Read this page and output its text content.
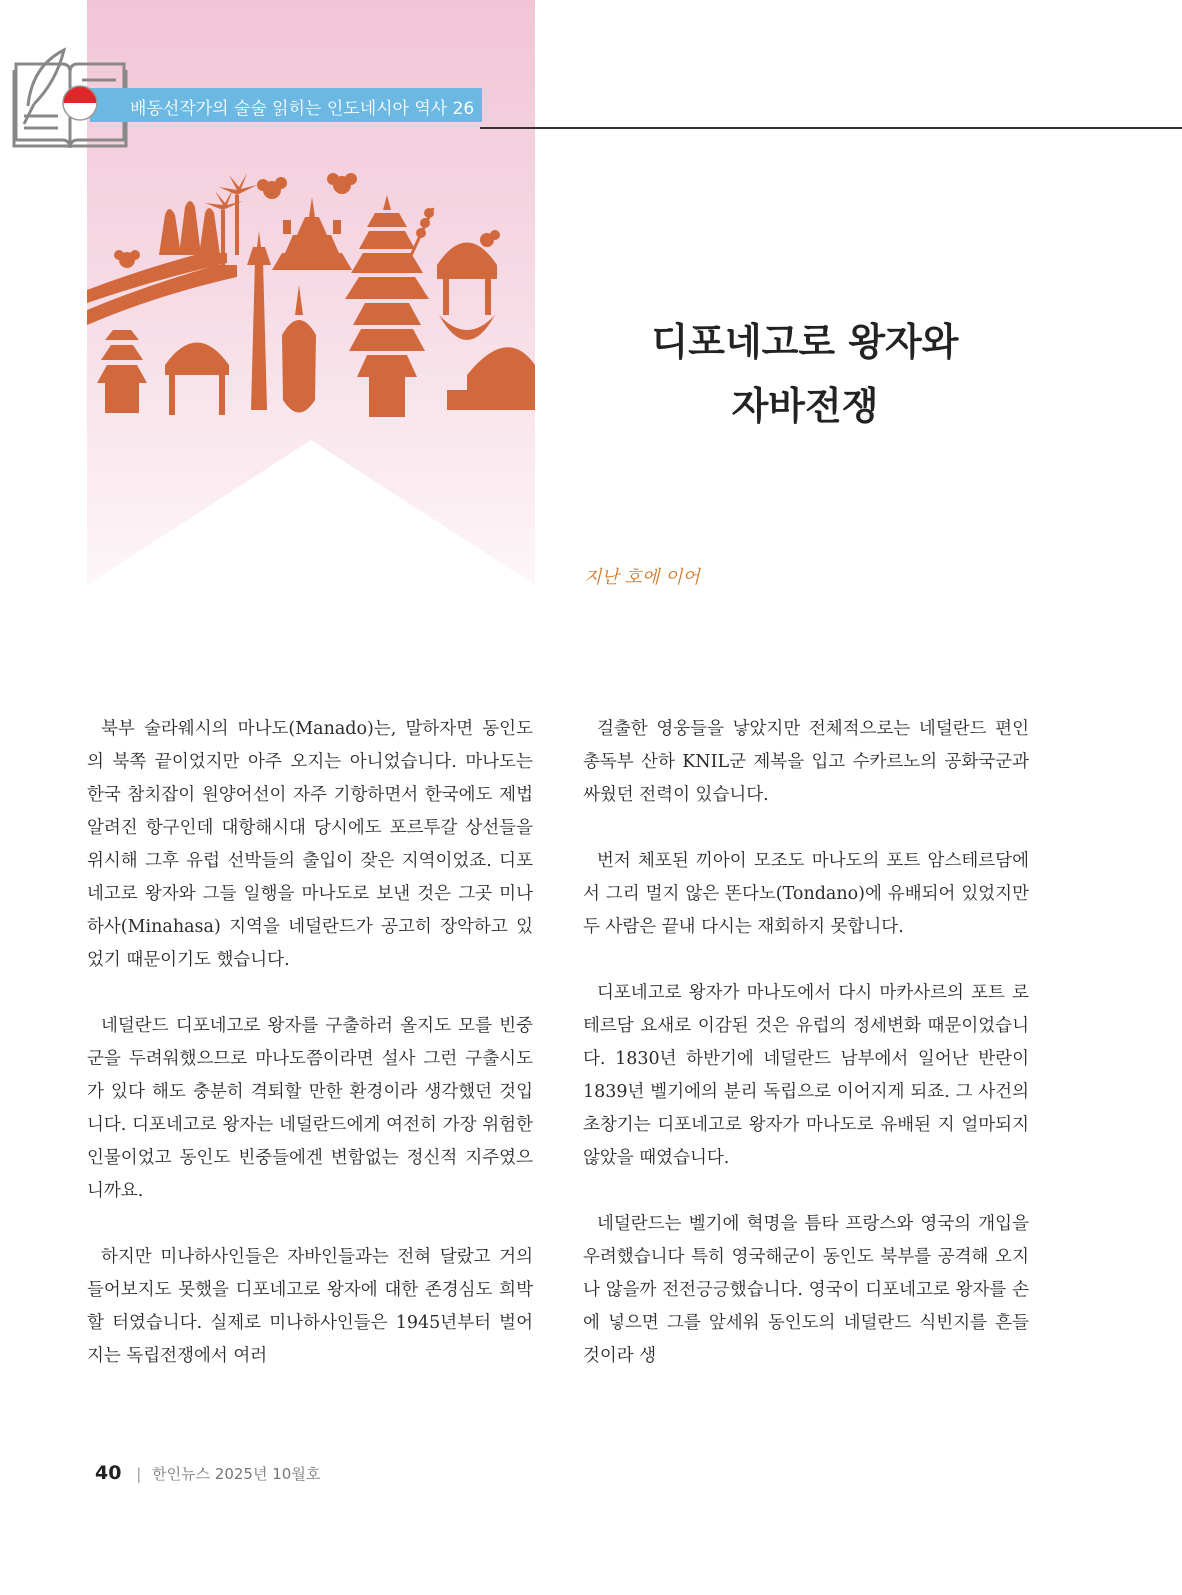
배동선작가의 술술 읽히는 인도네시아 역사 26
디포네고로 왕자와
자바전쟁
지난 호에 이어

북부 술라웨시의 마나도(Manado)는, 말하자면 동인도의 북쪽 끝이었지만 아주 오지는 아니었습니다. 마나도는 한국 참치잡이 원양어선이 자주 기항하면서 한국에도 제법 알려진 항구인데 대항해시대 당시에도 포르투갈 상선들을 위시해 그후 유럽 선박들의 출입이 잦은 지역이었죠. 디포네고로 왕자와 그들 일행을 마나도로 보낸 것은 그곳 미나하사(Minahasa) 지역을 네덜란드가 공고히 장악하고 있었기 때문이기도 했습니다.

네덜란드 디포네고로 왕자를 구출하러 올지도 모를 빈중군을 두려워했으므로 마나도쯤이라면 설사 그런 구출시도가 있다 해도 충분히 격퇴할 만한 환경이라 생각했던 것입니다. 디포네고로 왕자는 네덜란드에게 여전히 가장 위험한 인물이었고 동인도 빈중들에겐 변함없는 정신적 지주였으니까요.

하지만 미나하사인들은 자바인들과는 전혀 달랐고 거의 들어보지도 못했을 디포네고로 왕자에 대한 존경심도 희박할 터였습니다. 실제로 미나하사인들은 1945년부터 벌어지는 독립전쟁에서 여러

걸출한 영웅들을 낳았지만 전체적으로는 네덜란드 편인 총독부 산하 KNIL군 제복을 입고 수카르노의 공화국군과 싸웠던 전력이 있습니다.

번저 체포된 끼아이 모조도 마나도의 포트 암스테르담에서 그리 멀지 않은 똔다노(Tondano)에 유배되어 있었지만 두 사람은 끝내 다시는 재회하지 못합니다.

디포네고로 왕자가 마나도에서 다시 마카사르의 포트 로테르담 요새로 이감된 것은 유럽의 정세변화 때문이었습니다. 1830년 하반기에 네덜란드 남부에서 일어난 반란이 1839년 벨기에의 분리 독립으로 이어지게 되죠. 그 사건의 초창기는 디포네고로 왕자가 마나도로 유배된 지 얼마되지 않았을 때였습니다.

네덜란드는 벨기에 혁명을 틈타 프랑스와 영국의 개입을 우려했습니다 특히 영국해군이 동인도 북부를 공격해 오지나 않을까 전전긍긍했습니다. 영국이 디포네고로 왕자를 손에 넣으면 그를 앞세워 동인도의 네덜란드 식빈지를 흔들 것이라 생

40 | 한인뉴스 2025년 10월호
